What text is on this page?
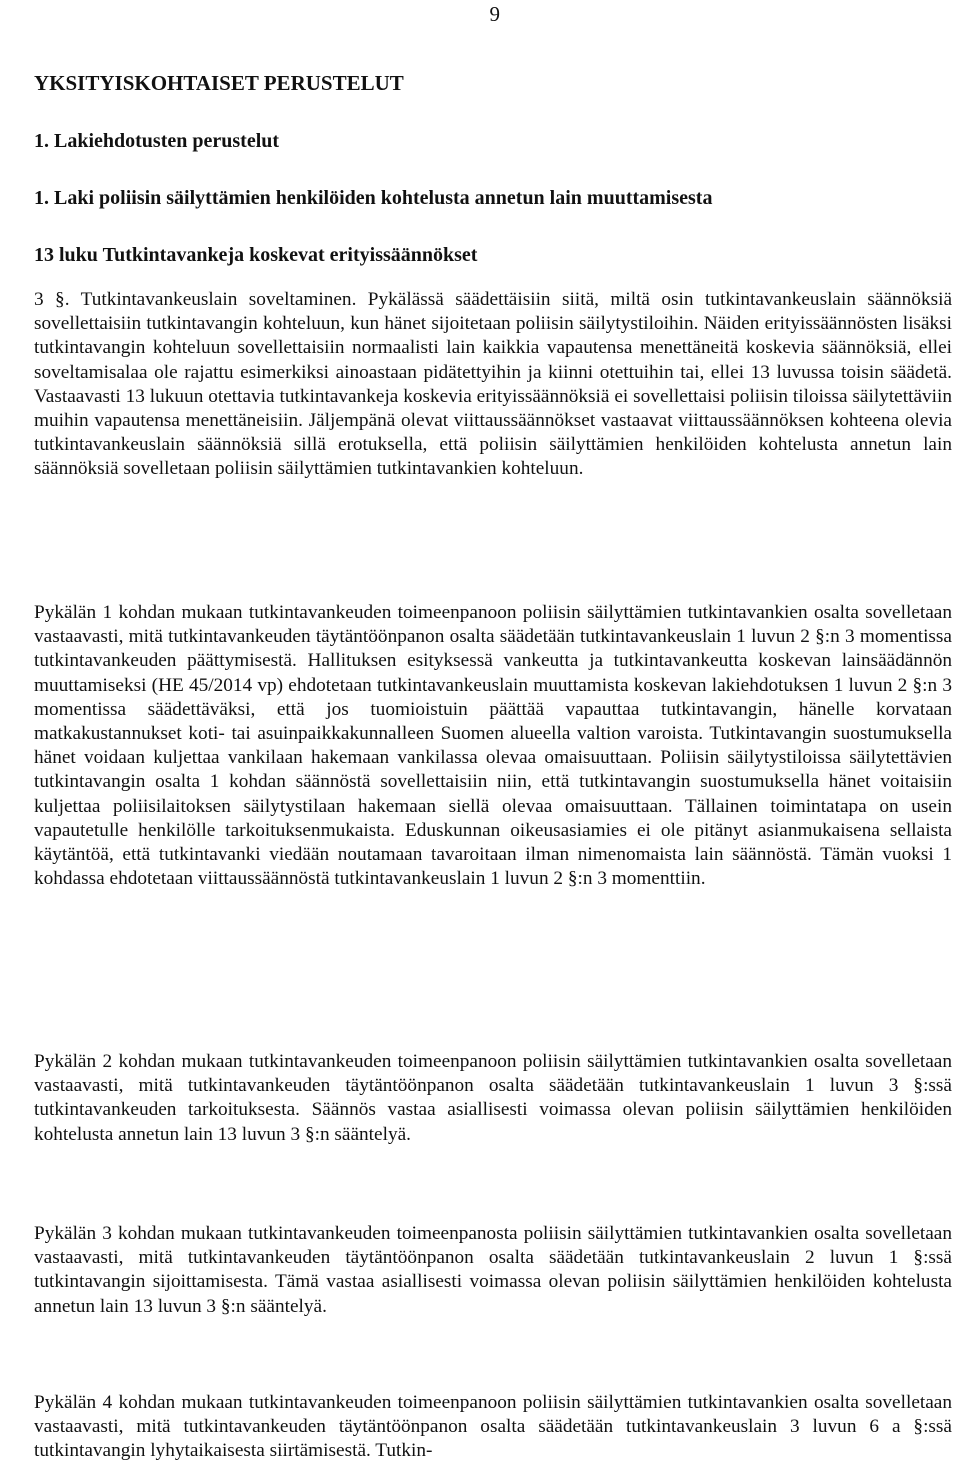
9
YKSITYISKOHTAISET PERUSTELUT
1. Lakiehdotusten perustelut
1. Laki poliisin säilyttämien henkilöiden kohtelusta annetun lain muuttamisesta
13 luku Tutkintavankeja koskevat erityissäännökset

3 §. Tutkintavankeuslain soveltaminen. Pykälässä säädettäisiin siitä, miltä osin tutkintavankeuslain säännöksiä sovellettaisiin tutkintavangin kohteluun, kun hänet sijoitetaan poliisin säilytystiloihin. Näiden erityissäännösten lisäksi tutkintavangin kohteluun sovellettaisiin normaalisti lain kaikkia vapautensa menettäneitä koskevia säännöksiä, ellei soveltamisalaa ole rajattu esimerkiksi ainoastaan pidätettyihin ja kiinni otettuihin tai, ellei 13 luvussa toisin säädetä. Vastaavasti 13 lukuun otettavia tutkintavankeja koskevia erityissäännöksiä ei sovellettaisi poliisin tiloissa säilytettäviin muihin vapautensa menettäneisiin. Jäljempänä olevat viittaussäännökset vastaavat viittaussäännöksen kohteena olevia tutkintavankeuslain säännöksiä sillä erotuksella, että poliisin säilyttämien henkilöiden kohtelusta annetun lain säännöksiä sovelletaan poliisin säilyttämien tutkintavankien kohteluun.

Pykälän 1 kohdan mukaan tutkintavankeuden toimeenpanoon poliisin säilyttämien tutkintavankien osalta sovelletaan vastaavasti, mitä tutkintavankeuden täytäntöönpanon osalta säädetään tutkintavankeuslain 1 luvun 2 §:n 3 momentissa tutkintavankeuden päättymisestä. Hallituksen esityksessä vankeutta ja tutkintavankeutta koskevan lainsäädännön muuttamiseksi (HE 45/2014 vp) ehdotetaan tutkintavankeuslain muuttamista koskevan lakiehdotuksen 1 luvun 2 §:n 3 momentissa säädettäväksi, että jos tuomioistuin päättää vapauttaa tutkintavangin, hänelle korvataan matkakustannukset koti- tai asuinpaikkakunnalleen Suomen alueella valtion varoista. Tutkintavangin suostumuksella hänet voidaan kuljettaa vankilaan hakemaan vankilassa olevaa omaisuuttaan. Poliisin säilytystiloissa säilytettävien tutkintavangin osalta 1 kohdan säännöstä sovellettaisiin niin, että tutkintavangin suostumuksella hänet voitaisiin kuljettaa poliisilaitoksen säilytystilaan hakemaan siellä olevaa omaisuuttaan. Tällainen toimintatapa on usein vapautetulle henkilölle tarkoituksenmukaista. Eduskunnan oikeusasiamies ei ole pitänyt asianmukaisena sellaista käytäntöä, että tutkintavanki viedään noutamaan tavaroitaan ilman nimenomaista lain säännöstä. Tämän vuoksi 1 kohdassa ehdotetaan viittaussäännöstä tutkintavankeuslain 1 luvun 2 §:n 3 momenttiin.

Pykälän 2 kohdan mukaan tutkintavankeuden toimeenpanoon poliisin säilyttämien tutkintavankien osalta sovelletaan vastaavasti, mitä tutkintavankeuden täytäntöönpanon osalta säädetään tutkintavankeuslain 1 luvun 3 §:ssä tutkintavankeuden tarkoituksesta. Säännös vastaa asiallisesti voimassa olevan poliisin säilyttämien henkilöiden kohtelusta annetun lain 13 luvun 3 §:n sääntelyä.

Pykälän 3 kohdan mukaan tutkintavankeuden toimeenpanosta poliisin säilyttämien tutkintavankien osalta sovelletaan vastaavasti, mitä tutkintavankeuden täytäntöönpanon osalta säädetään tutkintavankeuslain 2 luvun 1 §:ssä tutkintavangin sijoittamisesta. Tämä vastaa asiallisesti voimassa olevan poliisin säilyttämien henkilöiden kohtelusta annetun lain 13 luvun 3 §:n sääntelyä.

Pykälän 4 kohdan mukaan tutkintavankeuden toimeenpanoon poliisin säilyttämien tutkintavankien osalta sovelletaan vastaavasti, mitä tutkintavankeuden täytäntöönpanon osalta säädetään tutkintavankeuslain 3 luvun 6 a §:ssä tutkintavangin lyhytaikaisesta siirtämisestä. Tutkin-
